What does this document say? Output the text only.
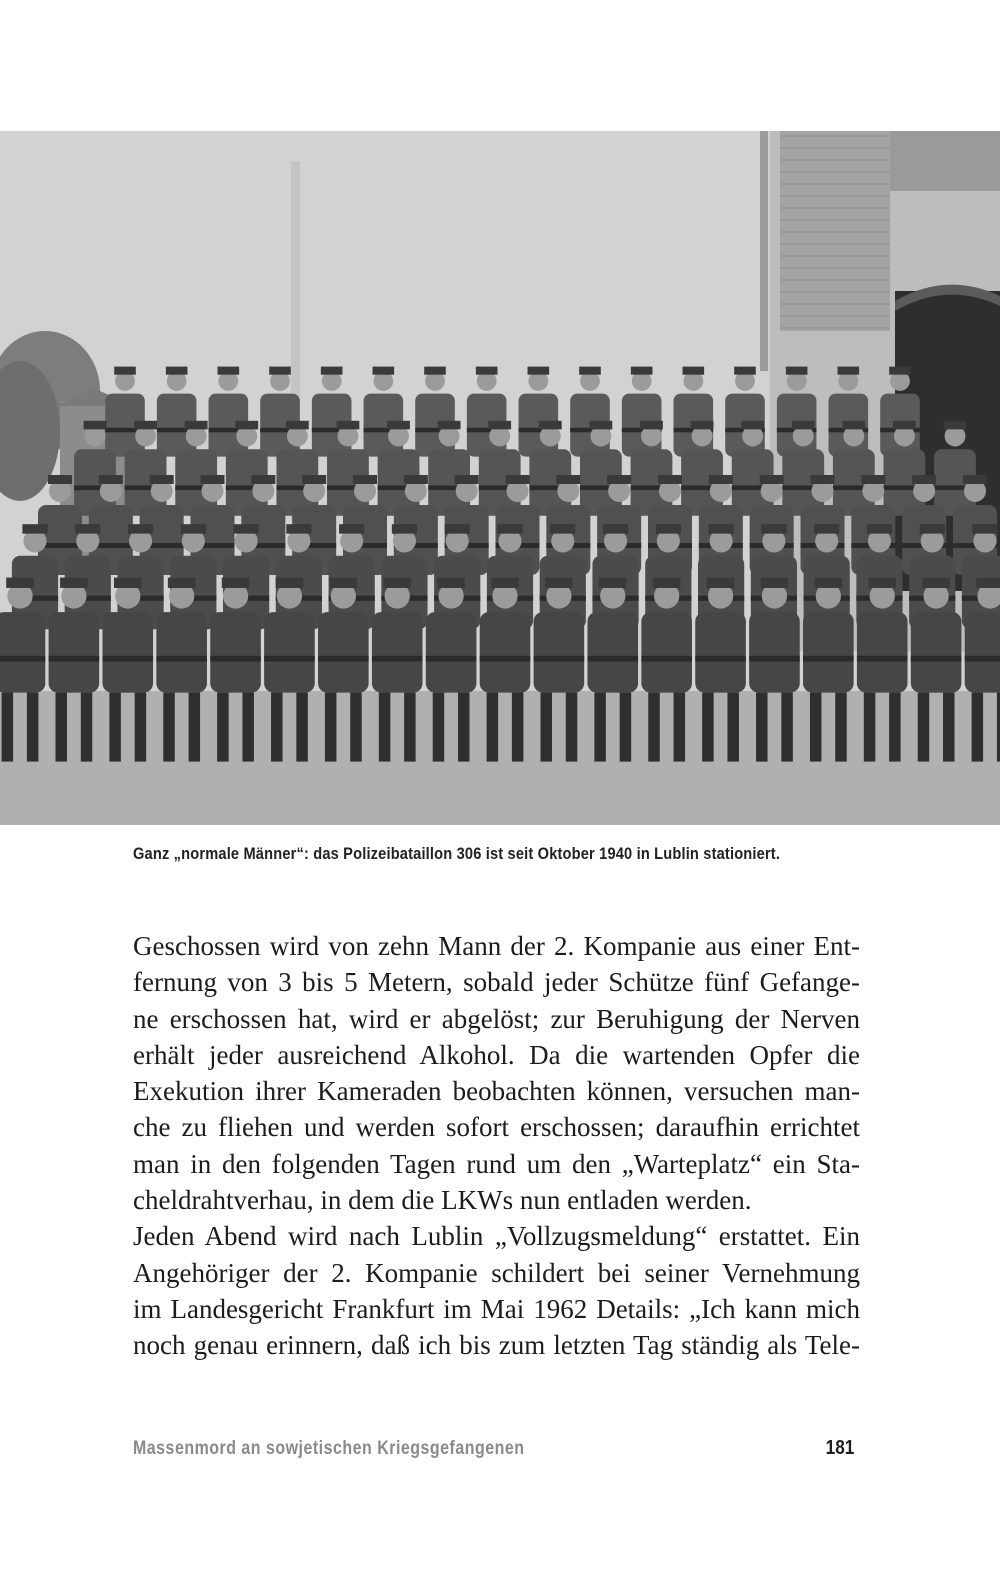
Ganz „normale Männer“: das Polizeibataillon 306 ist seit Oktober 1940 in Lublin stationiert.
Geschossen wird von zehn Mann der 2. Kompanie aus einer Ent-
fernung von 3 bis 5 Metern, sobald jeder Schütze fünf Gefange-
ne erschossen hat, wird er abgelöst; zur Beruhigung der Nerven
erhält jeder ausreichend Alkohol. Da die wartenden Opfer die
Exekution ihrer Kameraden beobachten können, versuchen man-
che zu fliehen und werden sofort erschossen; daraufhin errichtet
man in den folgenden Tagen rund um den „Warteplatz“ ein Sta-
cheldrahtverhau, in dem die LKWs nun entladen werden.
Jeden Abend wird nach Lublin „Vollzugsmeldung“ erstattet. Ein
Angehöriger der 2. Kompanie schildert bei seiner Vernehmung
im Landesgericht Frankfurt im Mai 1962 Details: „Ich kann mich
noch genau erinnern, daß ich bis zum letzten Tag ständig als Tele-
Massenmord an sowjetischen Kriegsgefangenen	181
